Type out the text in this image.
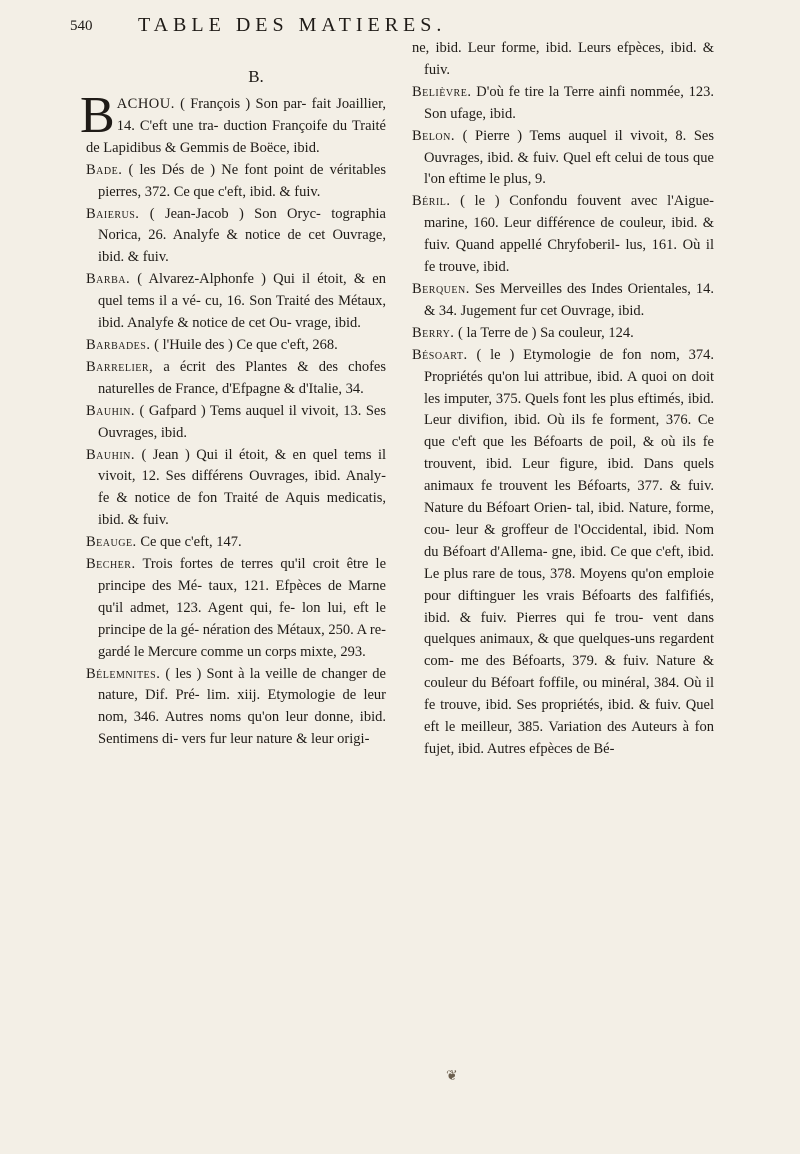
540 TABLE DES MATIERES.
B.

BACHOU. ( François ) Son par- fait Joaillier, 14. C'eft une tra- duction Françoife du Traité de Lapidibus & Gemmis de Boëce, ibid.

Bade. ( les Dés de ) Ne font point de véritables pierres, 372. Ce que c'eft, ibid. & fuiv.

Baierus. ( Jean-Jacob ) Son Oryc- tographia Norica, 26. Analyfe & notice de cet Ouvrage, ibid. & fuiv.

Barba. ( Alvarez-Alphonfe ) Qui il étoit, & en quel tems il a vé- cu, 16. Son Traité des Métaux, ibid. Analyfe & notice de cet Ou- vrage, ibid.

Barbades. ( l'Huile des ) Ce que c'eft, 268.

Barrelier, a écrit des Plantes & des chofes naturelles de France, d'Efpagne & d'Italie, 34.

Bauhin. ( Gafpard ) Tems auquel il vivoit, 13. Ses Ouvrages, ibid.

Bauhin. ( Jean ) Qui il étoit, & en quel tems il vivoit, 12. Ses différens Ouvrages, ibid. Analy- fe & notice de fon Traité de Aquis medicatis, ibid. & fuiv.

Beauge. Ce que c'eft, 147.

Becher. Trois fortes de terres qu'il croit être le principe des Mé- taux, 121. Efpèces de Marne qu'il admet, 123. Agent qui, fe- lon lui, eft le principe de la gé- nération des Métaux, 250. A re- gardé le Mercure comme un corps mixte, 293.

Bélemnites. ( les ) Sont à la veille de changer de nature, Dif. Pré- lim. xiij. Etymologie de leur nom, 346. Autres noms qu'on leur donne, ibid. Sentimens di- vers fur leur nature & leur origi-

ne, ibid. Leur forme, ibid. Leurs efpèces, ibid. & fuiv.

Belièvre. D'où fe tire la Terre ainfi nommée, 123. Son ufage, ibid.

Belon. ( Pierre ) Tems auquel il vivoit, 8. Ses Ouvrages, ibid. & fuiv. Quel eft celui de tous que l'on eftime le plus, 9.

Béril. ( le ) Confondu fouvent avec l'Aigue-marine, 160. Leur différence de couleur, ibid. & fuiv. Quand appellé Chryfoberil- lus, 161. Où il fe trouve, ibid.

Berquen. Ses Merveilles des Indes Orientales, 14. & 34. Jugement fur cet Ouvrage, ibid.

Berry. ( la Terre de ) Sa couleur, 124.

Bésoart. ( le ) Etymologie de fon nom, 374. Propriétés qu'on lui attribue, ibid. A quoi on doit les imputer, 375. Quels font les plus eftimés, ibid. Leur divifion, ibid. Où ils fe forment, 376. Ce que c'eft que les Béfoarts de poil, & où ils fe trouvent, ibid. Leur figure, ibid. Dans quels animaux fe trouvent les Béfoarts, 377. & fuiv. Nature du Béfoart Orien- tal, ibid. Nature, forme, cou- leur & groffeur de l'Occidental, ibid. Nom du Béfoart d'Allema- gne, ibid. Ce que c'eft, ibid. Le plus rare de tous, 378. Moyens qu'on emploie pour diftinguer les vrais Béfoarts des falfifiés, ibid. & fuiv. Pierres qui fe trou- vent dans quelques animaux, & que quelques-uns regardent com- me des Béfoarts, 379. & fuiv. Nature & couleur du Béfoart foffile, ou minéral, 384. Où il fe trouve, ibid. Ses propriétés, ibid. & fuiv. Quel eft le meilleur, 385. Variation des Auteurs à fon fujet, ibid. Autres efpèces de Bé-

❦
